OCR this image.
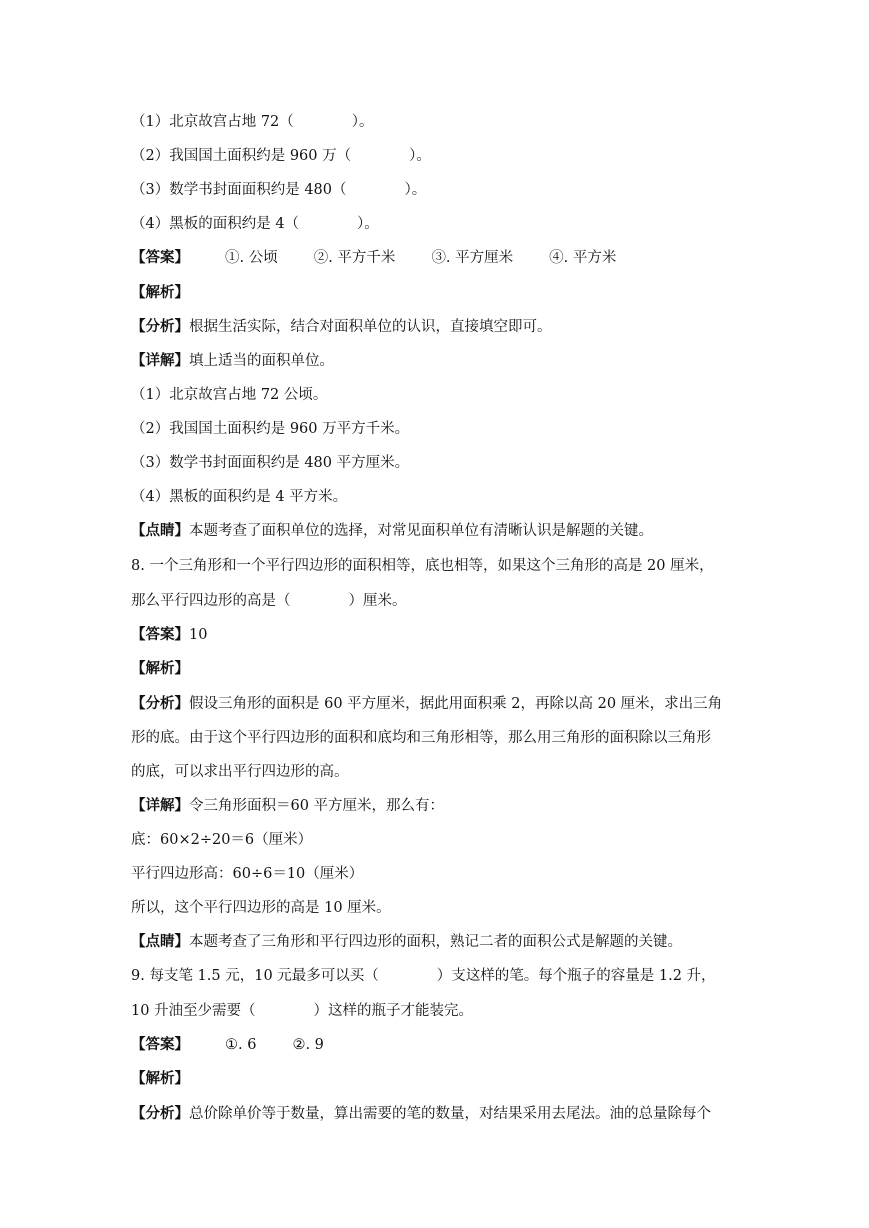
（1）北京故宫占地 72（　　　　）。
（2）我国国土面积约是 960 万（　　　　）。
（3）数学书封面面积约是 480（　　　　）。
（4）黑板的面积约是 4（　　　　）。
【答案】 ①. 公顷 ②. 平方千米 ③. 平方厘米 ④. 平方米
【解析】
【分析】根据生活实际，结合对面积单位的认识，直接填空即可。
【详解】填上适当的面积单位。
（1）北京故宫占地 72 公顷。
（2）我国国土面积约是 960 万平方千米。
（3）数学书封面面积约是 480 平方厘米。
（4）黑板的面积约是 4 平方米。
【点睛】本题考查了面积单位的选择，对常见面积单位有清晰认识是解题的关键。
8. 一个三角形和一个平行四边形的面积相等，底也相等，如果这个三角形的高是 20 厘米，
那么平行四边形的高是（　　　　）厘米。
【答案】10
【解析】
【分析】假设三角形的面积是 60 平方厘米，据此用面积乘 2，再除以高 20 厘米，求出三角
形的底。由于这个平行四边形的面积和底均和三角形相等，那么用三角形的面积除以三角形
的底，可以求出平行四边形的高。
【详解】令三角形面积＝60 平方厘米，那么有：
底：60×2÷20＝6（厘米）
平行四边形高：60÷6＝10（厘米）
所以，这个平行四边形的高是 10 厘米。
【点睛】本题考查了三角形和平行四边形的面积，熟记二者的面积公式是解题的关键。
9. 每支笔 1.5 元，10 元最多可以买（　　　　）支这样的笔。每个瓶子的容量是 1.2 升，
10 升油至少需要（　　　　）这样的瓶子才能装完。
【答案】 ①. 6 ②. 9
【解析】
【分析】总价除单价等于数量，算出需要的笔的数量，对结果采用去尾法。油的总量除每个
